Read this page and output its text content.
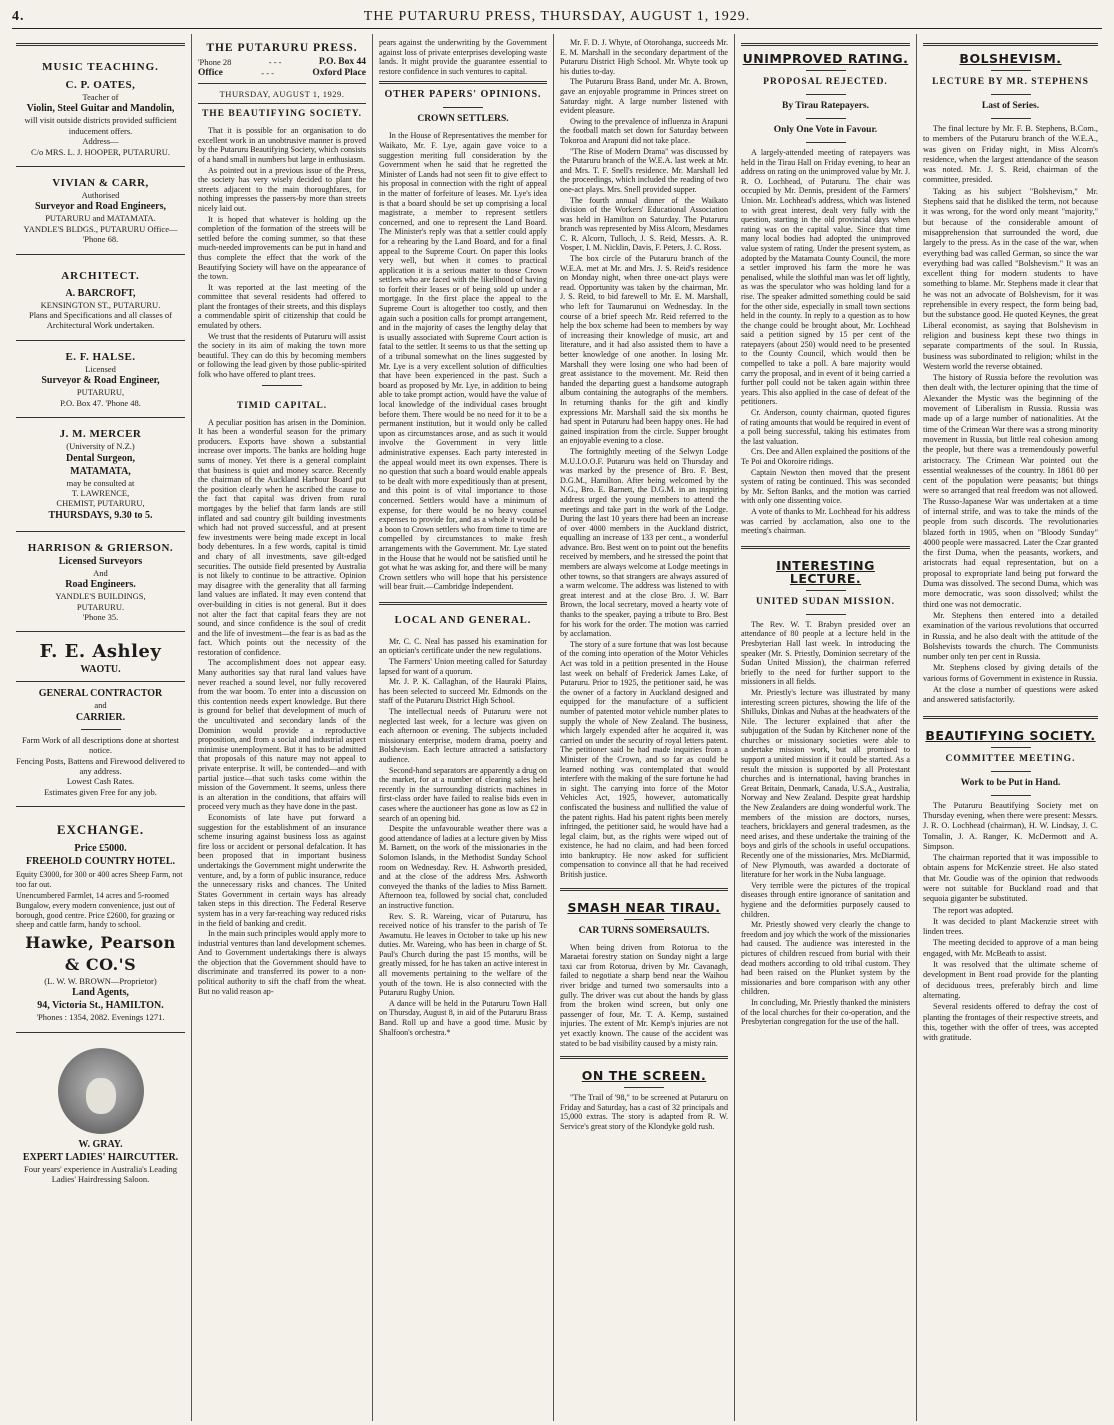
4.	THE PUTARURU PRESS, THURSDAY, AUGUST 1, 1929.
MUSIC TEACHING.
C. P. OATES,
Teacher of
Violin, Steel Guitar and Mandolin,
will visit outside districts provided sufficient inducement offers.
Address—
C/o MRS. L. J. HOOPER, PUTARURU.
VIVIAN & CARR,
Authorised
Surveyor and Road Engineers,
PUTARURU and MATAMATA.
YANDLE'S BLDGS., PUTARURU Office—
'Phone 68.
ARCHITECT.
A. BARCROFT,
KENSINGTON ST., PUTARURU.
Plans and Specifications and all classes of Architectural Work undertaken.
E. F. HALSE.
Licensed
Surveyor & Road Engineer,
PUTARURU,
P.O. Box 47. 'Phone 48.
J. M. MERCER
(University of N.Z.)
Dental Surgeon,
MATAMATA,
may be consulted at
T. LAWRENCE,
CHEMIST, PUTARURU,
THURSDAYS, 9.30 to 5.
HARRISON & GRIERSON.
Licensed Surveyors
And
Road Engineers.
YANDLE'S BUILDINGS,
PUTARURU.
'Phone 35.
F. E. Ashley
WAOTU.
GENERAL CONTRACTOR
and
CARRIER.
Farm Work of all descriptions done at shortest notice.
Fencing Posts, Battens and Firewood delivered to any address.
Lowest Cash Rates.
Estimates given Free for any job.
EXCHANGE.
Price £5000.
FREEHOLD COUNTRY HOTEL.
Equity £3000, for 300 or 400 acres Sheep Farm, not too far out.
Unencumbered Farmlet, 14 acres and 5-roomed Bungalow, every modern convenience, just out of borough, good centre. Price £2600, for grazing or sheep and cattle farm, handy to school.
Hawke, Pearson & CO.'S
(L. W. W. BROWN—Proprietor)
Land Agents,
94, Victoria St., HAMILTON.
'Phones : 1354, 2082. Evenings 1271.
W. GRAY.
EXPERT LADIES' HAIRCUTTER.
Four years' experience in Australia's Leading Ladies' Hairdressing Saloon.
THE PUTARURU PRESS.
'Phone 28	- - -	P.O. Box 44
Office	- - -	Oxford Place
THURSDAY, AUGUST 1, 1929.
THE BEAUTIFYING SOCIETY.

That it is possible for an organisation to do excellent work in an unobtrusive manner is proved by the Putaruru Beautifying Society, which consists of a band small in numbers but large in enthusiasm.

As pointed out in a previous issue of the Press, the society has very wisely decided to plant the streets adjacent to the main thoroughfares, for nothing impresses the passers-by more than streets nicely laid out.

It is hoped that whatever is holding up the completion of the formation of the streets will be settled before the coming summer, so that these much-needed improvements can be put in hand and thus complete the effect that the work of the Beautifying Society will have on the appearance of the town.

It was reported at the last meeting of the committee that several residents had offered to plant the frontages of their streets, and this displays a commendable spirit of citizenship that could be emulated by others.

We trust that the residents of Putaruru will assist the society in its aim of making the town more beautiful. They can do this by becoming members or following the lead given by those public-spirited folk who have offered to plant trees.

TIMID CAPITAL.

A peculiar position has arisen in the Dominion. It has been a wonderful season for the primary producers. Exports have shown a substantial increase over imports. The banks are holding huge sums of money. Yet there is a general complaint that business is quiet and money scarce. Recently the chairman of the Auckland Harbour Board put the position clearly when he ascribed the cause to the fact that capital was driven from rural mortgages by the belief that farm lands are still inflated and sad country gilt building investments which had not proved successful, and at present few investments were being made except in local body debentures. In a few words, capital is timid and chary of all investments, save gilt-edged securities. The outside field presented by Australia is not likely to continue to be attractive. Opinion may disagree with the generality that all farming land values are inflated. It may even contend that over-building in cities is not general. But it does not alter the fact that capital fears they are not sound, and since confidence is the soul of credit and the life of investment—the fear is as bad as the fact. Which points out the necessity of the restoration of confidence.

The accomplishment does not appear easy. Many authorities say that rural land values have never reached a sound level, nor fully recovered from the war boom. To enter into a discussion on this contention needs expert knowledge. But there is ground for belief that development of much of the uncultivated and secondary lands of the Dominion would provide a reproductive proposition, and from a social and industrial aspect minimise unemployment. But it has to be admitted that proposals of this nature may not appeal to private enterprise. It will, be contended—and with partial justice—that such tasks come within the mission of the Government. It seems, unless there is an alteration in the conditions, that affairs will proceed very much as they have done in the past.

Economists of late have put forward a suggestion for the establishment of an insurance scheme insuring against business loss as against fire loss or accident or personal defalcation. It has been proposed that in important business undertakings the Government might underwrite the venture, and, by a form of public insurance, reduce the unnecessary risks and chances. The United States Government in certain ways has already taken steps in this direction. The Federal Reserve system has in a very far-reaching way reduced risks in the field of banking and credit.

In the main such principles would apply more to industrial ventures than land development schemes. And to Government undertakings there is always the objection that the Government should have to discriminate and transferred its power to a non-political authority to sift the chaff from the wheat. But no valid reason ap-

pears against the underwriting by the Government against loss of private enterprises developing waste lands. It might provide the guarantee essential to restore confidence in such ventures to capital.

OTHER PAPERS' OPINIONS.
CROWN SETTLERS.

In the House of Representatives the member for Waikato, Mr. F. Lye, again gave voice to a suggestion meriting full consideration by the Government when he said that he regretted the Minister of Lands had not seen fit to give effect to his proposal in connection with the right of appeal in the matter of forfeiture of leases. Mr. Lye's idea is that a board should be set up comprising a local magistrate, a member to represent settlers concerned, and one to represent the Land Board. The Minister's reply was that a settler could apply for a rehearing by the Land Board, and for a final appeal to the Supreme Court. On paper this looks very well, but when it comes to practical application it is a serious matter to those Crown settlers who are faced with the likelihood of having to forfeit their leases or of being sold up under a mortgage. In the first place the appeal to the Supreme Court is altogether too costly, and then again such a position calls for prompt arrangement, and in the majority of cases the lengthy delay that is usually associated with Supreme Court action is fatal to the settler. It seems to us that the setting up of a tribunal somewhat on the lines suggested by Mr. Lye is a very excellent solution of difficulties that have been experienced in the past. Such a board as proposed by Mr. Lye, in addition to being able to take prompt action, would have the value of local knowledge of the individual cases brought before them. There would be no need for it to be a permanent institution, but it would only be called upon as circumstances arose, and as such it would involve the Government in very little administrative expenses. Each party interested in the appeal would meet its own expenses. There is no question that such a board would enable appeals to be dealt with more expeditiously than at present, and this point is of vital importance to those concerned. Settlers would have a minimum of expense, for there would be no heavy counsel expenses to provide for, and as a whole it would be a boon to Crown settlers who from time to time are compelled by circumstances to make fresh arrangements with the Government. Mr. Lye stated in the House that he would not be satisfied until he got what he was asking for, and there will be many Crown settlers who will hope that his persistence will bear fruit.—Cambridge Independent.

LOCAL AND GENERAL.

Mr. C. C. Neal has passed his examination for an optician's certificate under the new regulations.

The Farmers' Union meeting called for Saturday lapsed for want of a quorum.

Mr. J. P. K. Callaghan, of the Hauraki Plains, has been selected to succeed Mr. Edmonds on the staff of the Putaruru District High School.

The intellectual needs of Putaruru were not neglected last week, for a lecture was given on each afternoon or evening. The subjects included missionary enterprise, modern drama, poetry and Bolshevism. Each lecture attracted a satisfactory audience.

Second-hand separators are apparently a drug on the market, for at a number of clearing sales held recently in the surrounding districts machines in first-class order have failed to realise bids even in cases where the auctioneer has gone as low as £2 in search of an opening bid.

Despite the unfavourable weather there was a good attendance of ladies at a lecture given by Miss M. Barnett, on the work of the missionaries in the Solomon Islands, in the Methodist Sunday School room on Wednesday. Rev. H. Ashworth presided, and at the close of the address Mrs. Ashworth conveyed the thanks of the ladies to Miss Barnett. Afternoon tea, followed by social chat, concluded an instructive function.

Rev. S. R. Wareing, vicar of Putaruru, has received notice of his transfer to the parish of Te Awamutu. He leaves in October to take up his new duties. Mr. Wareing, who has been in charge of St. Paul's Church during the past 15 months, will be greatly missed, for he has taken an active interest in all movements pertaining to the welfare of the youth of the town. He is also connected with the Putaruru Rugby Union.

A dance will be held in the Putaruru Town Hall on Thursday, August 8, in aid of the Putaruru Brass Band. Roll up and have a good time. Music by Shalfoon's orchestra.*

Mr. F. D. J. Whyte, of Otorohanga, succeeds Mr. E. M. Marshall in the secondary department of the Putaruru District High School. Mr. Whyte took up his duties to-day.

The Putaruru Brass Band, under Mr. A. Brown, gave an enjoyable programme in Princes street on Saturday night. A large number listened with evident pleasure.

Owing to the prevalence of influenza in Arapuni the football match set down for Saturday between Tokoroa and Arapuni did not take place.

"The Rise of Modern Drama" was discussed by the Putaruru branch of the W.E.A. last week at Mr. and Mrs. T. F. Snell's residence. Mr. Marshall led the proceedings, which included the reading of two one-act plays. Mrs. Snell provided supper.

The fourth annual dinner of the Waikato division of the Workers' Educational Association was held in Hamilton on Saturday. The Putaruru branch was represented by Miss Alcorn, Mesdames C. R. Alcorn, Tulloch, J. S. Reid, Messrs. A. R. Vosper, I. M. Nicklin, Davis, F. Peters, J. C. Ross.

The box circle of the Putaruru branch of the W.E.A. met at Mr. and Mrs. J. S. Reid's residence on Monday night, when three one-act plays were read. Opportunity was taken by the chairman, Mr. J. S. Reid, to bid farewell to Mr. E. M. Marshall, who left for Taumarunui on Wednesday. In the course of a brief speech Mr. Reid referred to the help the box scheme had been to members by way of increasing their knowledge of music, art and literature, and it had also assisted them to have a better knowledge of one another. In losing Mr. Marshall they were losing one who had been of great assistance to the movement. Mr. Reid then handed the departing guest a handsome autograph album containing the autographs of the members. In returning thanks for the gift and kindly expressions Mr. Marshall said the six months he had spent in Putaruru had been happy ones. He had gained inspiration from the circle. Supper brought an enjoyable evening to a close.

The fortnightly meeting of the Selwyn Lodge M.U.I.O.O.F. Putaruru was held on Thursday and was marked by the presence of Bro. F. Best, D.G.M., Hamilton. After being welcomed by the N.G., Bro. E. Barnett, the D.G.M. in an inspiring address urged the young members to attend the meetings and take part in the work of the Lodge. During the last 10 years there had been an increase of over 4000 members in the Auckland district, equalling an increase of 133 per cent., a wonderful advance. Bro. Best went on to point out the benefits received by members, and he stressed the point that members are always welcome at Lodge meetings in other towns, so that strangers are always assured of a warm welcome. The address was listened to with great interest and at the close Bro. J. W. Barr Brown, the local secretary, moved a hearty vote of thanks to the speaker, paying a tribute to Bro. Best for his work for the order. The motion was carried by acclamation.

The story of a sure fortune that was lost because of the coming into operation of the Motor Vehicles Act was told in a petition presented in the House last week on behalf of Frederick James Lake, of Putaruru. Prior to 1925, the petitioner said, he was the owner of a factory in Auckland designed and equipped for the manufacture of a sufficient number of patented motor vehicle number plates to supply the whole of New Zealand. The business, which largely expended after he acquired it, was carried on under the security of royal letters patent. The petitioner said he had made inquiries from a Minister of the Crown, and so far as could be learned nothing was contemplated that would interfere with the making of the sure fortune he had in sight. The carrying into force of the Motor Vehicles Act, 1925, however, automatically confiscated the business and nullified the value of the patent rights. Had his patent rights been merely infringed, the petitioner said, he would have had a legal claim, but, as the rights were wiped out of existence, he had no claim, and had been forced into bankruptcy. He now asked for sufficient compensation to convince all that he had received British justice.

SMASH NEAR TIRAU.
CAR TURNS SOMERSAULTS.

When being driven from Rotorua to the Maraetai forestry station on Sunday night a large taxi car from Rotorua, driven by Mr. Cavanagh, failed to negotiate a sharp bend near the Waihou river bridge and turned two somersaults into a gully. The driver was cut about the hands by glass from the broken wind screen, but only one passenger of four, Mr. T. A. Kemp, sustained injuries. The extent of Mr. Kemp's injuries are not yet exactly known. The cause of the accident was stated to be bad visibility caused by a misty rain.

ON THE SCREEN.

"The Trail of '98," to be screened at Putaruru on Friday and Saturday, has a cast of 32 principals and 15,000 extras. The story is adapted from R. W. Service's great story of the Klondyke gold rush.

UNIMPROVED RATING.
PROPOSAL REJECTED.
By Tirau Ratepayers.
Only One Vote in Favour.

A largely-attended meeting of ratepayers was held in the Tirau Hall on Friday evening, to hear an address on rating on the unimproved value by Mr. J. R. O. Lochhead, of Putaruru. The chair was occupied by Mr. Dennis, president of the Farmers' Union. Mr. Lochhead's address, which was listened to with great interest, dealt very fully with the question, starting in the old provincial days when rating was on the capital value. Since that time many local bodies had adopted the unimproved value system of rating. Under the present system, as adopted by the Matamata County Council, the more a settler improved his farm the more he was penalised, while the slothful man was let off lightly, as was the speculator who was holding land for a rise. The speaker admitted something could be said for the other side, especially in small town sections held in the county. In reply to a question as to how the change could be brought about, Mr. Lochhead said a petition signed by 15 per cent of the ratepayers (about 250) would need to be presented to the County Council, which would then be compelled to take a poll. A bare majority would carry the proposal, and in event of it being carried a further poll could not be taken again within three years. This also applied in the case of defeat of the petitioners.

Cr. Anderson, county chairman, quoted figures of rating amounts that would be required in event of a poll being successful, taking his estimates from the last valuation.

Crs. Dee and Allen explained the positions of the Te Poi and Okoroire ridings.

Captain Newton then moved that the present system of rating be continued. This was seconded by Mr. Sefton Banks, and the motion was carried with only one dissenting voice.

A vote of thanks to Mr. Lochhead for his address was carried by acclamation, also one to the meeting's chairman.

INTERESTING LECTURE.
UNITED SUDAN MISSION.

The Rev. W. T. Brabyn presided over an attendance of 80 people at a lecture held in the Presbyterian Hall last week. In introducing the speaker (Mr. S. Priestly, Dominion secretary of the Sudan United Mission), the chairman referred briefly to the need for further support to the missioners in all fields.

Mr. Priestly's lecture was illustrated by many interesting screen pictures, showing the life of the Shilluks, Dinkas and Nubas at the headwaters of the Nile. The lecturer explained that after the subjugation of the Sudan by Kitchener none of the churches or missionary societies were able to undertake mission work, but all promised to support a united mission if it could be started. As a result the mission is supported by all Protestant churches and is international, having branches in Great Britain, Denmark, Canada, U.S.A., Australia, Norway and New Zealand. Despite great hardship the New Zealanders are doing wonderful work. The members of the mission are doctors, nurses, teachers, bricklayers and general tradesmen, as the need arises, and these undertake the training of the boys and girls of the schools in useful occupations. Recently one of the missionaries, Mrs. McDiarmid, of New Plymouth, was awarded a doctorate of literature for her work in the Nuba language.

Very terrible were the pictures of the tropical diseases through entire ignorance of sanitation and hygiene and the deformities purposely caused to children.

Mr. Priestly showed very clearly the change to freedom and joy which the work of the missionaries had caused. The audience was interested in the pictures of children rescued from burial with their dead mothers according to old tribal custom. They had been raised on the Plunket system by the missionaries and bore comparison with any other children.

In concluding, Mr. Priestly thanked the ministers of the local churches for their co-operation, and the Presbyterian congregation for the use of the hall.

BOLSHEVISM.
LECTURE BY MR. STEPHENS
Last of Series.

The final lecture by Mr. F. B. Stephens, B.Com., to members of the Putaruru branch of the W.E.A., was given on Friday night, in Miss Alcorn's residence, when the largest attendance of the season was noted. Mr. J. S. Reid, chairman of the committee, presided.

Taking as his subject "Bolshevism," Mr. Stephens said that he disliked the term, not because it was wrong, for the word only meant "majority," but because of the considerable amount of misapprehension that surrounded the word, due largely to the press. As in the case of the war, when everything bad was called German, so since the war everything bad was called "Bolshevism." It was an excellent thing for modern students to have something to blame. Mr. Stephens made it clear that he was not an advocate of Bolshevism, for it was reprehensible in every respect, the form being bad, but the substance good. He quoted Keynes, the great Liberal economist, as saying that Bolshevism in religion and business kept these two things in separate compartments of the soul. In Russia, business was subordinated to religion; whilst in the Western world the reverse obtained.

The history of Russia before the revolution was then dealt with, the lecturer opining that the time of Alexander the Mystic was the beginning of the movement of Liberalism in Russia. Russia was made up of a large number of nationalities. At the time of the Crimean War there was a strong minority movement in Russia, but little real cohesion among the people, but there was a tremendously powerful aristocracy. The Crimean War pointed out the essential weaknesses of the country. In 1861 80 per cent of the population were peasants; but things were so arranged that real freedom was not allowed. The Russo-Japanese War was undertaken at a time of internal strife, and was to take the minds of the people from such discords. The revolutionaries blazed forth in 1905, when on "Bloody Sunday" 4000 people were massacred. Later the Czar granted the first Duma, when the peasants, workers, and aristocrats had equal representation, but on a proposal to expropriate land being put forward the Duma was dissolved. The second Duma, which was more democratic, was soon dissolved; whilst the third one was not democratic.

Mr. Stephens then entered into a detailed examination of the various revolutions that occurred in Russia, and he also dealt with the attitude of the Bolshevists towards the church. The Communists number only ten per cent in Russia.

Mr. Stephens closed by giving details of the various forms of Government in existence in Russia.

At the close a number of questions were asked and answered satisfactorily.

BEAUTIFYING SOCIETY.
COMMITTEE MEETING.
Work to be Put in Hand.

The Putaruru Beautifying Society met on Thursday evening, when there were present: Messrs. J. R. O. Lochhead (chairman), H. W. Lindsay, J. C. Tomalin, J. A. Ranger, K. McDermott and A. Simpson.

The chairman reported that it was impossible to obtain aspens for McKenzie street. He also stated that Mr. Goudie was of the opinion that redwoods were not suitable for Buckland road and that sequoia giganter be substituted.

The report was adopted.

It was decided to plant Mackenzie street with linden trees.

The meeting decided to approve of a man being engaged, with Mr. McBeath to assist.

It was resolved that the ultimate scheme of development in Bent road provide for the planting of deciduous trees, preferably birch and lime alternating.

Several residents offered to defray the cost of planting the frontages of their respective streets, and this, together with the offer of trees, was accepted with gratitude.
